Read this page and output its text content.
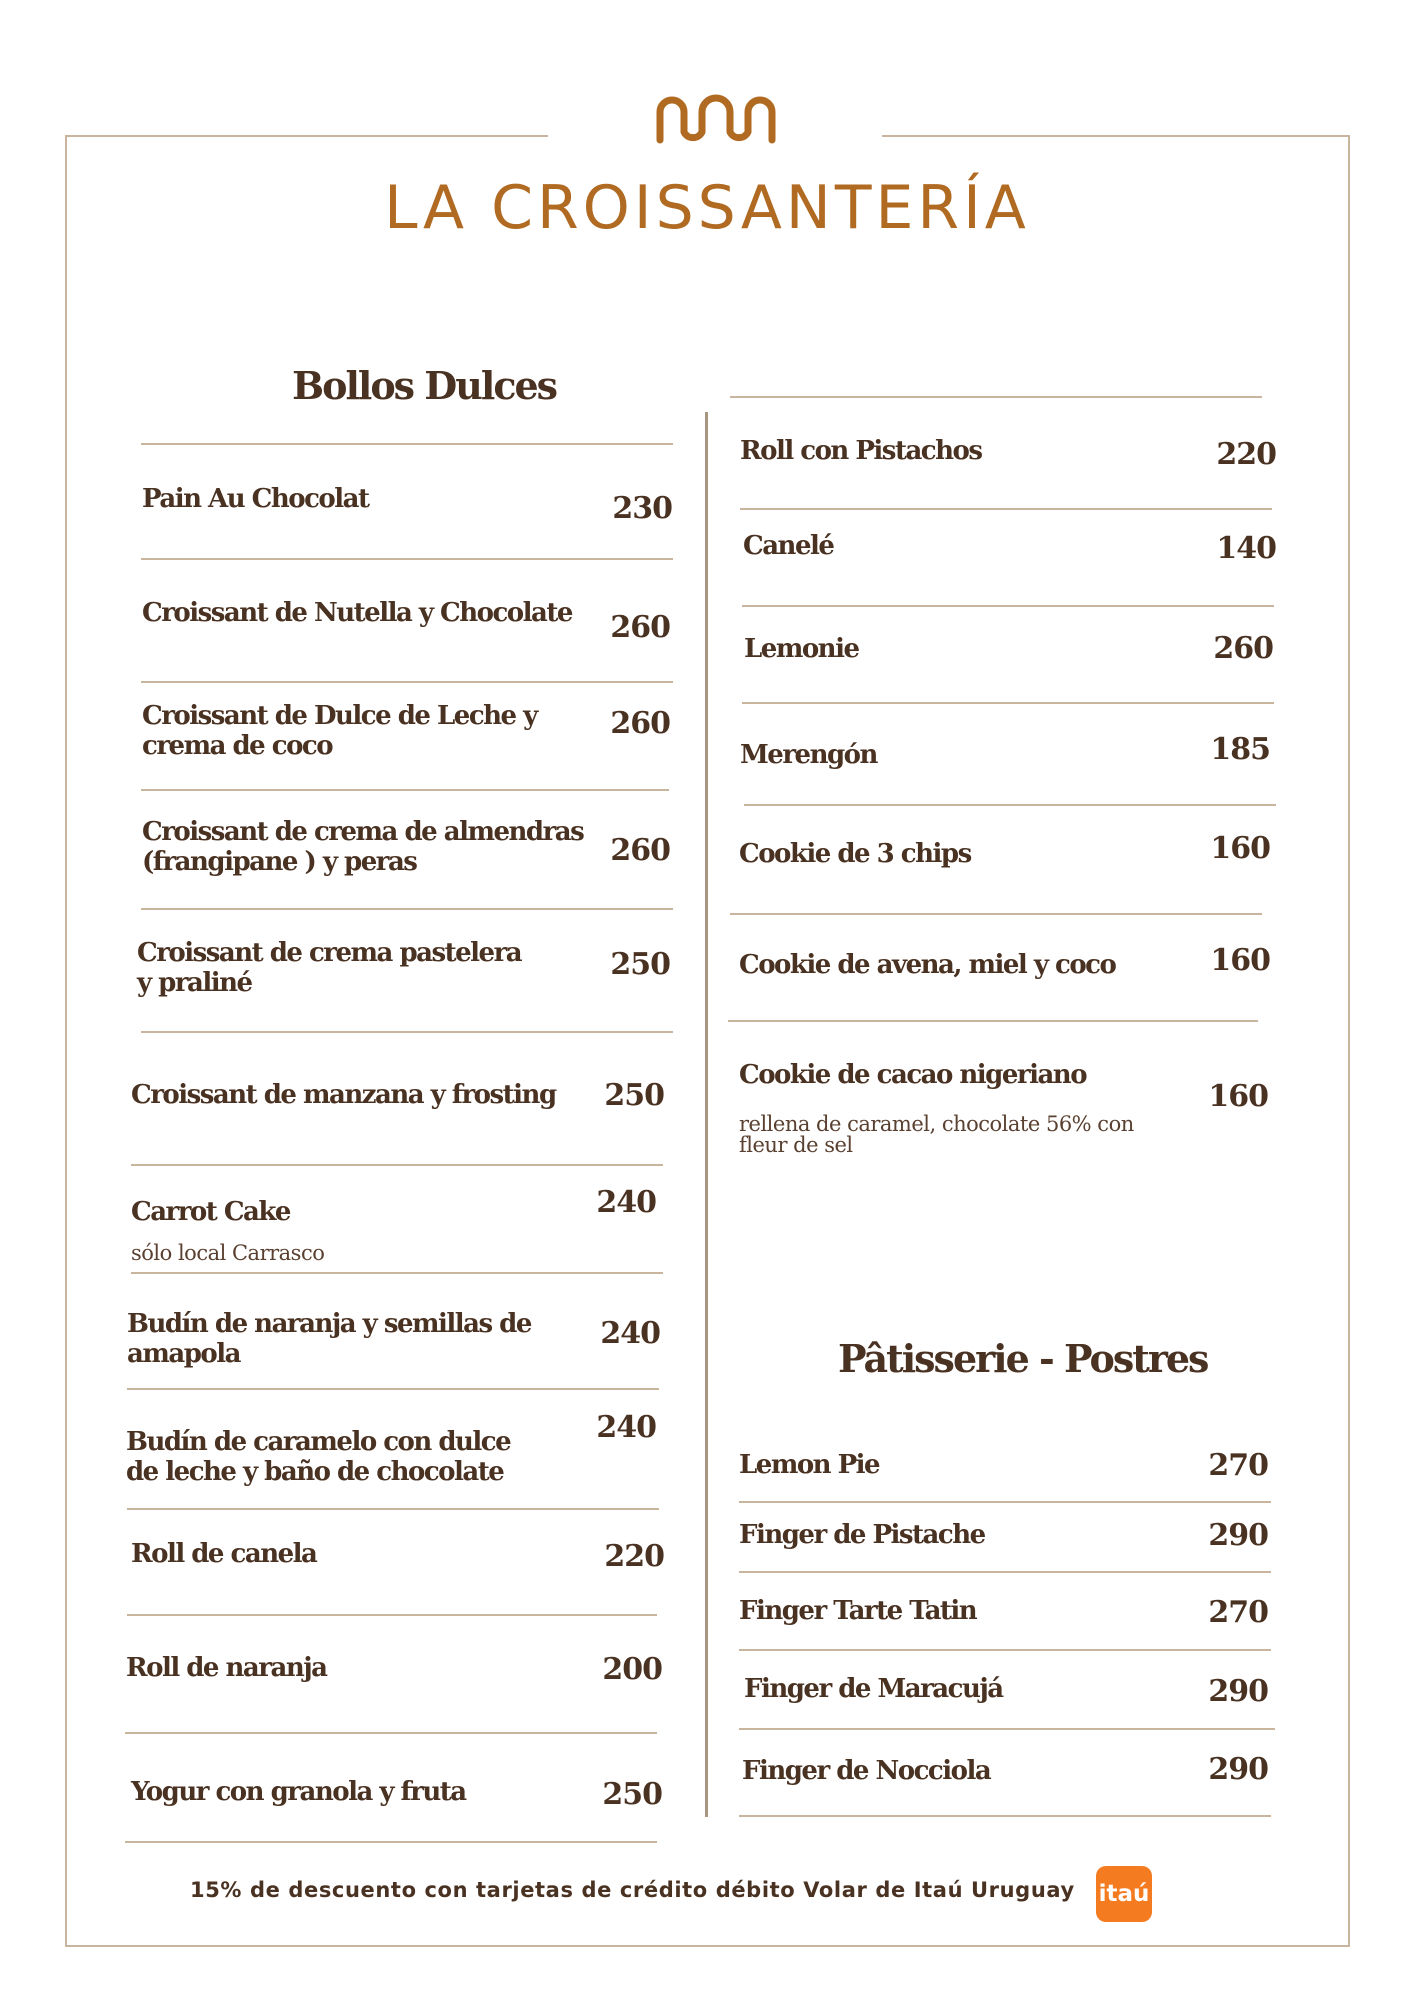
LA CROISSANTERÍA
Bollos Dulces
Pain Au Chocolat	230
Croissant de Nutella y Chocolate	260
Croissant de Dulce de Leche y crema de coco
260
Croissant de crema de almendras (frangipane ) y peras	260
Croissant de crema pastelera y praliné
250
Croissant de manzana y frosting	250
Carrot Cake
sólo local Carrasco
240
Budín de naranja y semillas de amapola
240
Budín de caramelo con dulce de leche y baño de chocolate
240
Roll de canela	220
Roll de naranja	200
Yogur con granola y fruta	250
Roll con Pistachos	220
Canelé	140
Lemonie	260
Merengón	185
Cookie de 3 chips	160
Cookie de avena, miel y coco	160
Cookie de cacao nigeriano
rellena de caramel, chocolate 56% con fleur de sel
160
Pâtisserie - Postres
Lemon Pie	270
Finger de Pistache	290
Finger Tarte Tatin	270
Finger de Maracujá	290
Finger de Nocciola	290
15% de descuento con tarjetas de crédito débito Volar de Itaú Uruguay itaú
